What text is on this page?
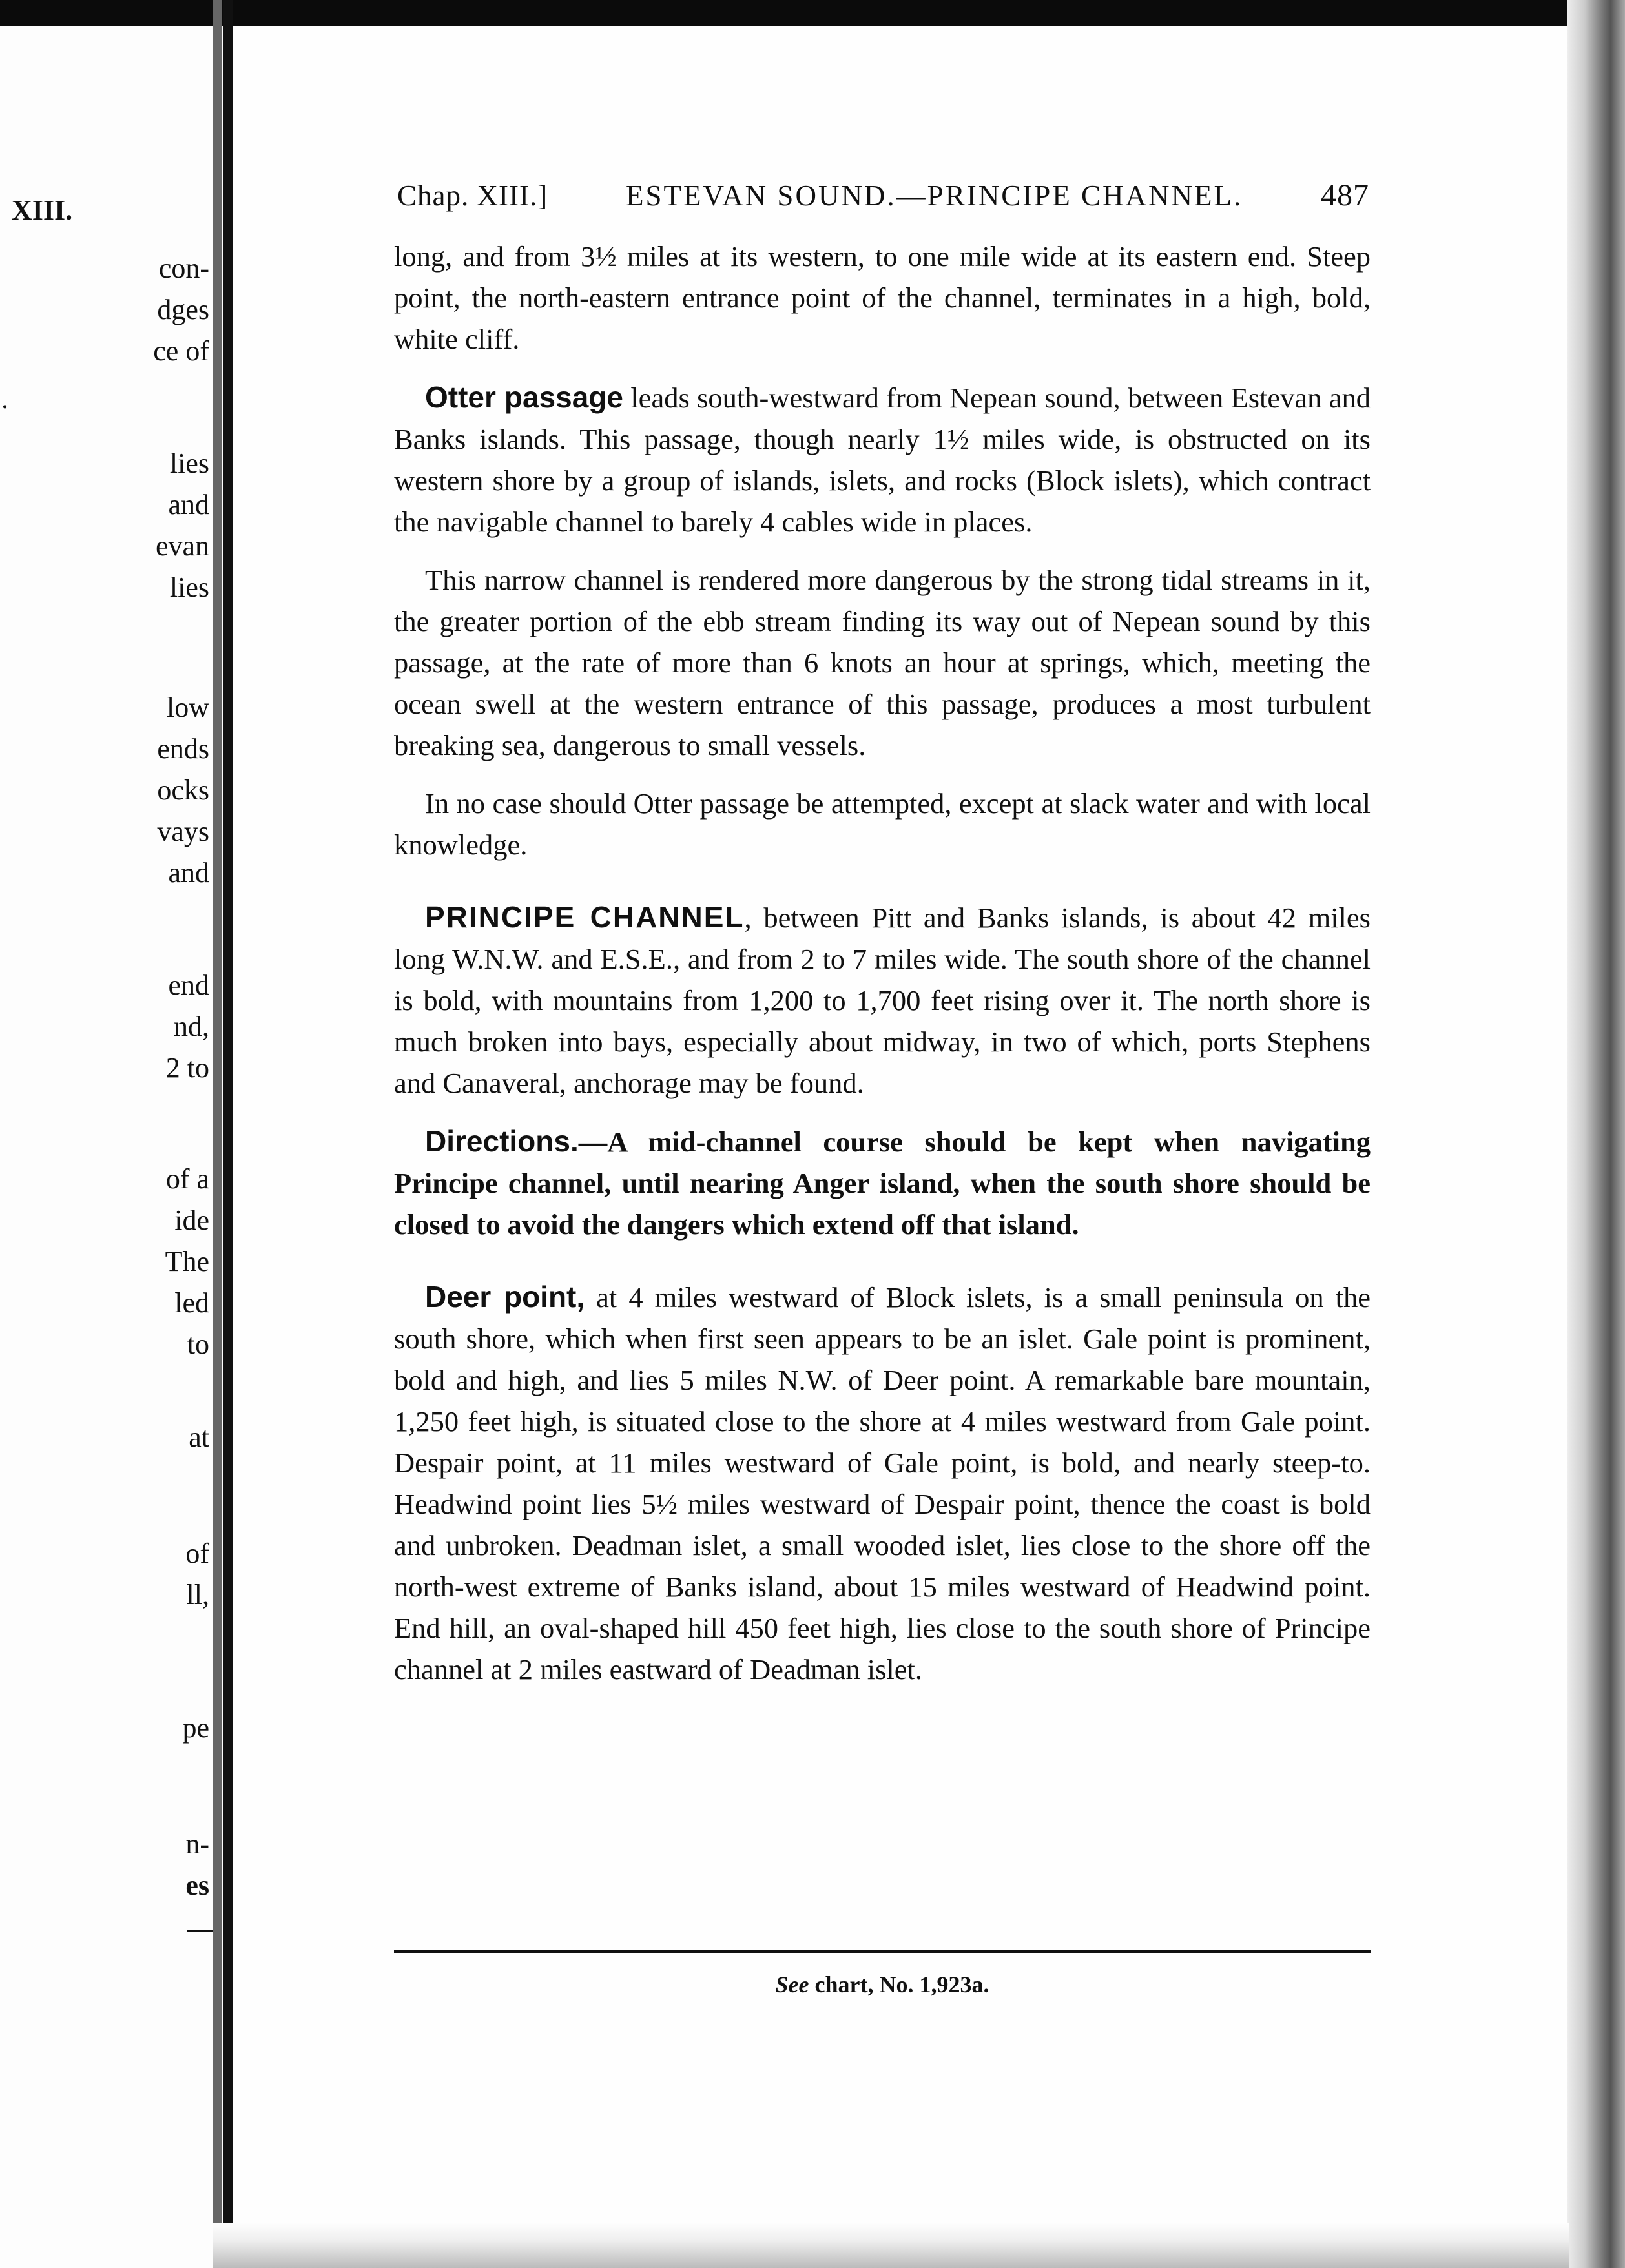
XIII.
con-
dges
ce of
.
lies
and
evan
lies
low
ends
ocks
vays
and
end
nd,
2 to
of a
ide
The
led
to
at
of
ll,
pe
n-
es
Chap. XIII.]	ESTEVAN SOUND.—PRINCIPE CHANNEL.	487

long, and from 3½ miles at its western, to one mile wide at its eastern end. Steep point, the north-eastern entrance point of the channel, terminates in a high, bold, white cliff.

Otter passage leads south-westward from Nepean sound, between Estevan and Banks islands. This passage, though nearly 1½ miles wide, is obstructed on its western shore by a group of islands, islets, and rocks (Block islets), which contract the navigable channel to barely 4 cables wide in places.

This narrow channel is rendered more dangerous by the strong tidal streams in it, the greater portion of the ebb stream finding its way out of Nepean sound by this passage, at the rate of more than 6 knots an hour at springs, which, meeting the ocean swell at the western entrance of this passage, produces a most turbulent breaking sea, dangerous to small vessels.

In no case should Otter passage be attempted, except at slack water and with local knowledge.

PRINCIPE CHANNEL, between Pitt and Banks islands, is about 42 miles long W.N.W. and E.S.E., and from 2 to 7 miles wide. The south shore of the channel is bold, with mountains from 1,200 to 1,700 feet rising over it. The north shore is much broken into bays, especially about midway, in two of which, ports Stephens and Canaveral, anchorage may be found.

Directions.—A mid-channel course should be kept when navigating Principe channel, until nearing Anger island, when the south shore should be closed to avoid the dangers which extend off that island.

Deer point, at 4 miles westward of Block islets, is a small peninsula on the south shore, which when first seen appears to be an islet. Gale point is prominent, bold and high, and lies 5 miles N.W. of Deer point. A remarkable bare mountain, 1,250 feet high, is situated close to the shore at 4 miles westward from Gale point. Despair point, at 11 miles westward of Gale point, is bold, and nearly steep-to. Headwind point lies 5½ miles westward of Despair point, thence the coast is bold and unbroken. Deadman islet, a small wooded islet, lies close to the shore off the north-west extreme of Banks island, about 15 miles westward of Headwind point. End hill, an oval-shaped hill 450 feet high, lies close to the south shore of Principe channel at 2 miles eastward of Deadman islet.

See chart, No. 1,923a.
